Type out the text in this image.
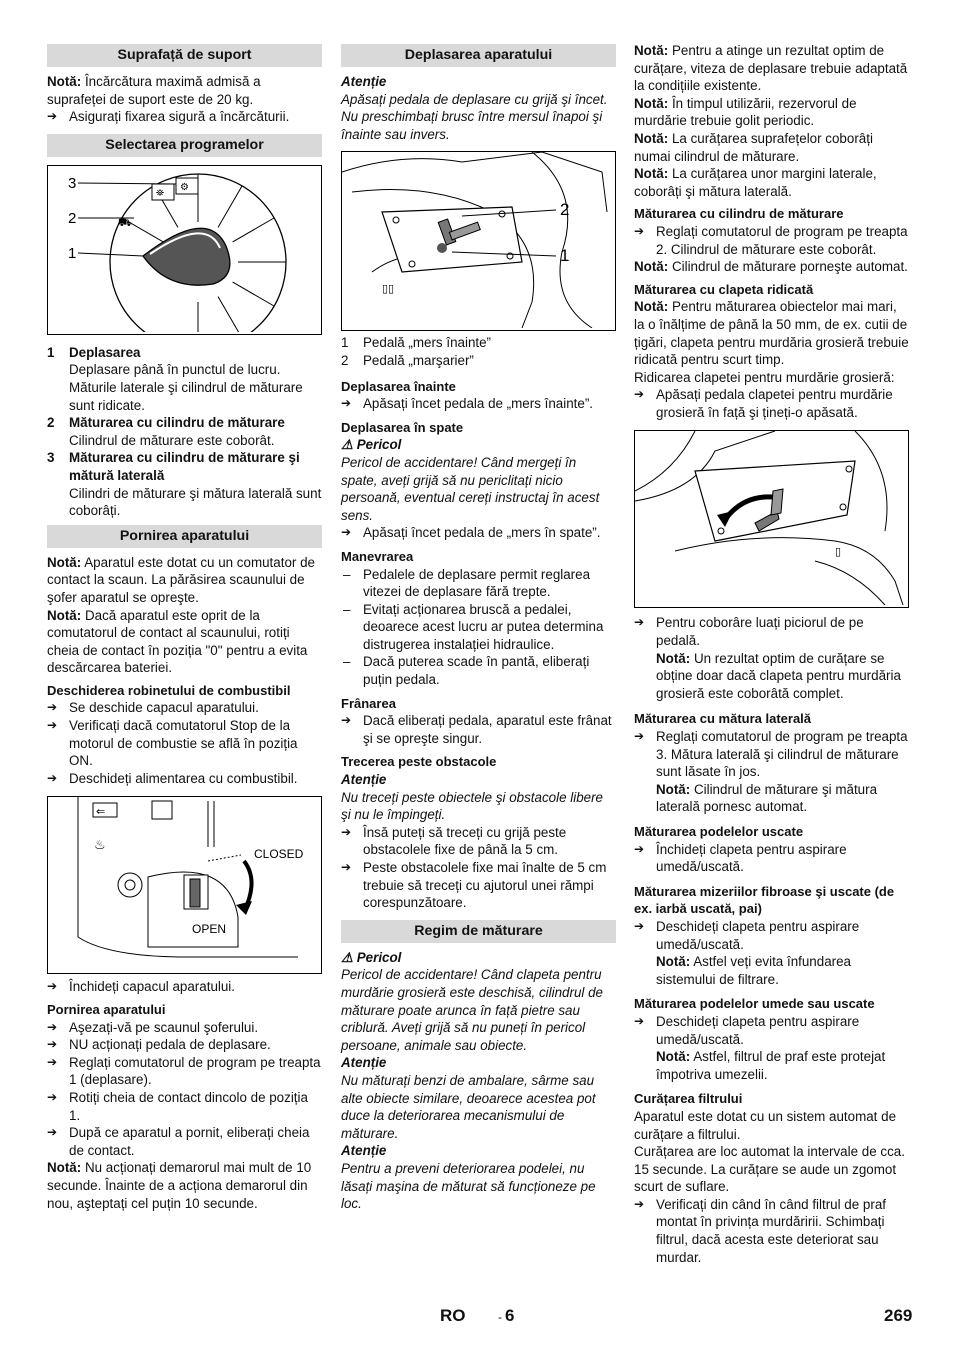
Suprafață de suport

Notă: Încărcătura maximă admisă a suprafeței de suport este de 20 kg.

➔ Asigurați fixarea sigură a încărcăturii.

Selectarea programelor
⛯
⚙
⛟
3
2
1
1 Deplasarea

Deplasare până în punctul de lucru. Măturile laterale şi cilindrul de măturare sunt ridicate.

2 Măturarea cu cilindru de măturare

Cilindrul de măturare este coborât.

3 Măturarea cu cilindru de măturare şi mătură laterală

Cilindri de măturare şi mătura laterală sunt coborâți.

Pornirea aparatului

Notă: Aparatul este dotat cu un comutator de contact la scaun. La părăsirea scaunului de şofer aparatul se opreşte.

Notă: Dacă aparatul este oprit de la comutatorul de contact al scaunului, rotiți cheia de contact în poziția "0" pentru a evita descărcarea bateriei.

Deschiderea robinetului de combustibil

➔ Se deschide capacul aparatului.

➔ Verificați dacă comutatorul Stop de la motorul de combustie se află în poziția ON.

➔ Deschideți alimentarea cu combustibil.

⇐
♨
CLOSED
OPEN

➔ Închideți capacul aparatului.

Pornirea aparatului

➔ Aşezați-vă pe scaunul şoferului.

➔ NU acționați pedala de deplasare.

➔ Reglați comutatorul de program pe treapta 1 (deplasare).

➔ Rotiți cheia de contact dincolo de poziția 1.

➔ După ce aparatul a pornit, eliberați cheia de contact.

Notă: Nu acționați demarorul mai mult de 10 secunde. Înainte de a acționa demarorul din nou, aşteptați cel puțin 10 secunde.

Deplasarea aparatului

Atenție

Apăsați pedala de deplasare cu grijă şi încet. Nu preschimbați brusc între mersul înapoi şi înainte sau invers.

▯▯
2
1

1 Pedală „mers înainte”

2 Pedală „marşarier”

Deplasarea înainte

➔ Apăsați încet pedala de „mers înainte”.

Deplasarea în spate

⚠ Pericol

Pericol de accidentare! Când mergeți în spate, aveți grijă să nu periclitați nicio persoană, eventual cereți instructaj în acest sens.

➔ Apăsați încet pedala de „mers în spate”.

Manevrarea

– Pedalele de deplasare permit reglarea vitezei de deplasare fără trepte.

– Evitați acționarea bruscă a pedalei, deoarece acest lucru ar putea determina distrugerea instalației hidraulice.

– Dacă puterea scade în pantă, eliberați puțin pedala.

Frânarea

➔ Dacă eliberați pedala, aparatul este frânat şi se opreşte singur.

Trecerea peste obstacole

Atenție

Nu treceți peste obiectele şi obstacole libere şi nu le împingeți.

➔ Însă puteți să treceți cu grijă peste obstacolele fixe de până la 5 cm.

➔ Peste obstacolele fixe mai înalte de 5 cm trebuie să treceți cu ajutorul unei rămpi corespunzătoare.

Regim de măturare

⚠ Pericol

Pericol de accidentare! Când clapeta pentru murdărie grosieră este deschisă, cilindrul de măturare poate arunca în față pietre sau criblură. Aveți grijă să nu puneți în pericol persoane, animale sau obiecte.

Atenție

Nu măturați benzi de ambalare, sârme sau alte obiecte similare, deoarece acestea pot duce la deteriorarea mecanismului de măturare.

Atenție

Pentru a preveni deteriorarea podelei, nu lăsați maşina de măturat să funcționeze pe loc.

Notă: Pentru a atinge un rezultat optim de curățare, viteza de deplasare trebuie adaptată la condițiile existente.

Notă: În timpul utilizării, rezervorul de murdărie trebuie golit periodic.

Notă: La curățarea suprafețelor coborâți numai cilindrul de măturare.

Notă: La curățarea unor margini laterale, coborâți şi mătura laterală.

Măturarea cu cilindru de măturare

➔ Reglați comutatorul de program pe treapta 2. Cilindrul de măturare este coborât.

Notă: Cilindrul de măturare porneşte automat.

Măturarea cu clapeta ridicată

Notă: Pentru măturarea obiectelor mai mari, la o înălțime de până la 50 mm, de ex. cutii de țigări, clapeta pentru murdăria grosieră trebuie ridicată pentru scurt timp.

Ridicarea clapetei pentru murdărie grosieră:

➔ Apăsați pedala clapetei pentru murdărie grosieră în față şi țineți-o apăsată.

▯

➔ Pentru coborâre luați piciorul de pe pedală.

Notă: Un rezultat optim de curățare se obține doar dacă clapeta pentru murdăria grosieră este coborâtă complet.

Măturarea cu mătura laterală

➔ Reglați comutatorul de program pe treapta 3. Mătura laterală şi cilindrul de măturare sunt lăsate în jos.

Notă: Cilindrul de măturare şi mătura laterală pornesc automat.

Măturarea podelelor uscate

➔ Închideți clapeta pentru aspirare umedă/uscată.

Măturarea mizeriilor fibroase şi uscate (de ex. iarbă uscată, pai)

➔ Deschideți clapeta pentru aspirare umedă/uscată.

Notă: Astfel veți evita înfundarea sistemului de filtrare.

Măturarea podelelor umede sau uscate

➔ Deschideți clapeta pentru aspirare umedă/uscată.

Notă: Astfel, filtrul de praf este protejat împotriva umezelii.

Curățarea filtrului

Aparatul este dotat cu un sistem automat de curățare a filtrului.

Curățarea are loc automat la intervale de cca. 15 secunde. La curățare se aude un zgomot scurt de suflare.

➔ Verificați din când în când filtrul de praf montat în privința murdăririi. Schimbați filtrul, dacă acesta este deteriorat sau murdar.

RO	- 6	269
